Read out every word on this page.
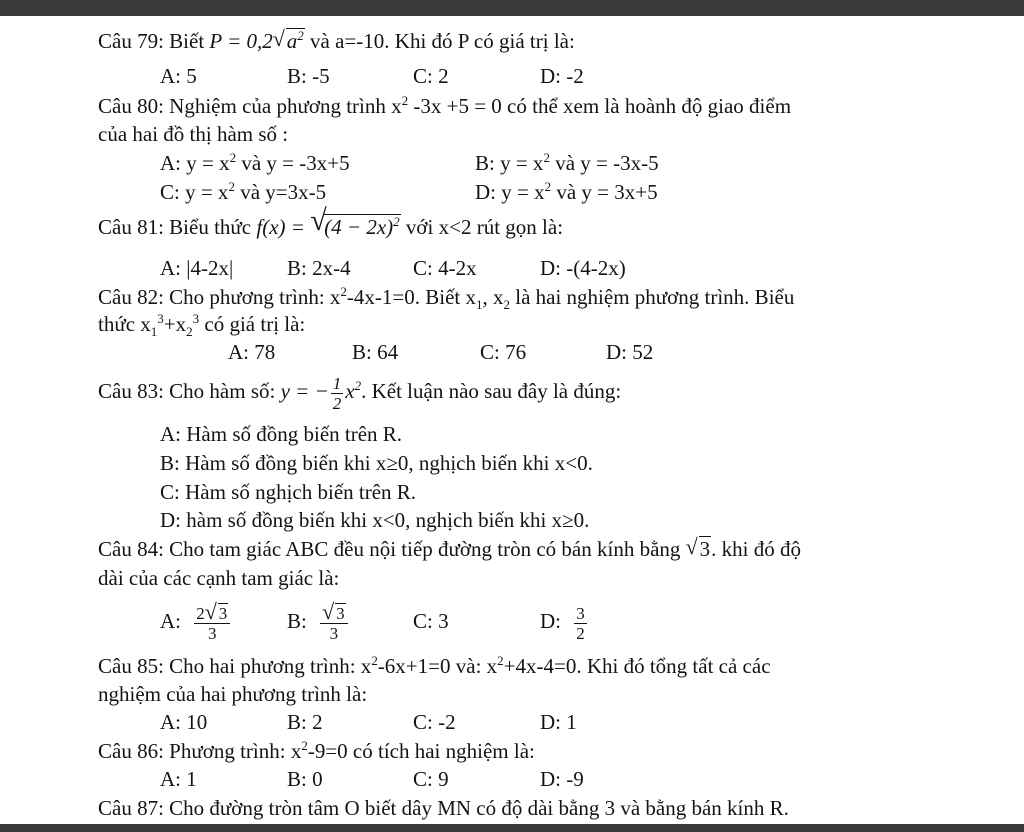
Câu 79: Biết P = 0,2 √ $a^2$ và a=-10. Khi đó P có giá trị là:
A: 5	B: -5	C: 2	D: -2
Câu 80: Nghiệm của phương trình $x^2$ -3x +5 = 0 có thể xem là hoành độ giao điểm
của hai đồ thị hàm số :
A: $y = x^2$ và y = -3x+5	B: $y = x^2$ và y = -3x-5
C: $y = x^2$ và y=3x-5	D: $y = x^2$ và y = 3x+5
Câu 81: Biểu thức f(x) = √ $(4 - 2x)^2$ với x<2 rút gọn là:
A: |4-2x|	B: 2x-4	C: 4-2x	D: -(4-2x)
Câu 82: Cho phương trình: $x^2-4x-1=0$. Biết $x_1$, $x_2$ là hai nghiệm phương trình. Biểu
thức $x_1^3+x_2^3$ có giá trị là:
A: 78	B: 64	C: 76	D: 52
Câu 83: Cho hàm số: y = − $\frac{1}{2} x^2$. Kết luận nào sau đây là đúng:
A: Hàm số đồng biến trên R.
B: Hàm số đồng biến khi x≥0, nghịch biến khi x<0.
C: Hàm số nghịch biến trên R.
D: hàm số đồng biến khi x<0, nghịch biến khi x≥0.
Câu 84: Cho tam giác ABC đều nội tiếp đường tròn có bán kính bằng √ 3. khi đó độ
dài của các cạnh tam giác là:
A: $\frac{2 √ 3}{3}$	B: √ $\frac{3}{3}$	C: 3	D: $\frac{3}{2}$
Câu 85: Cho hai phương trình: $x^2-6x+1=0$ và: $x^2+4x-4=0$. Khi đó tổng tất cả các
nghiệm của hai phương trình là:
A: 10	B: 2	C: -2	D: 1
Câu 86: Phương trình: $x^2-9=0$ có tích hai nghiệm là:
A: 1	B: 0	C: 9	D: -9
Câu 87: Cho đường tròn tâm O biết dây MN có độ dài bằng 3 và bằng bán kính R.
